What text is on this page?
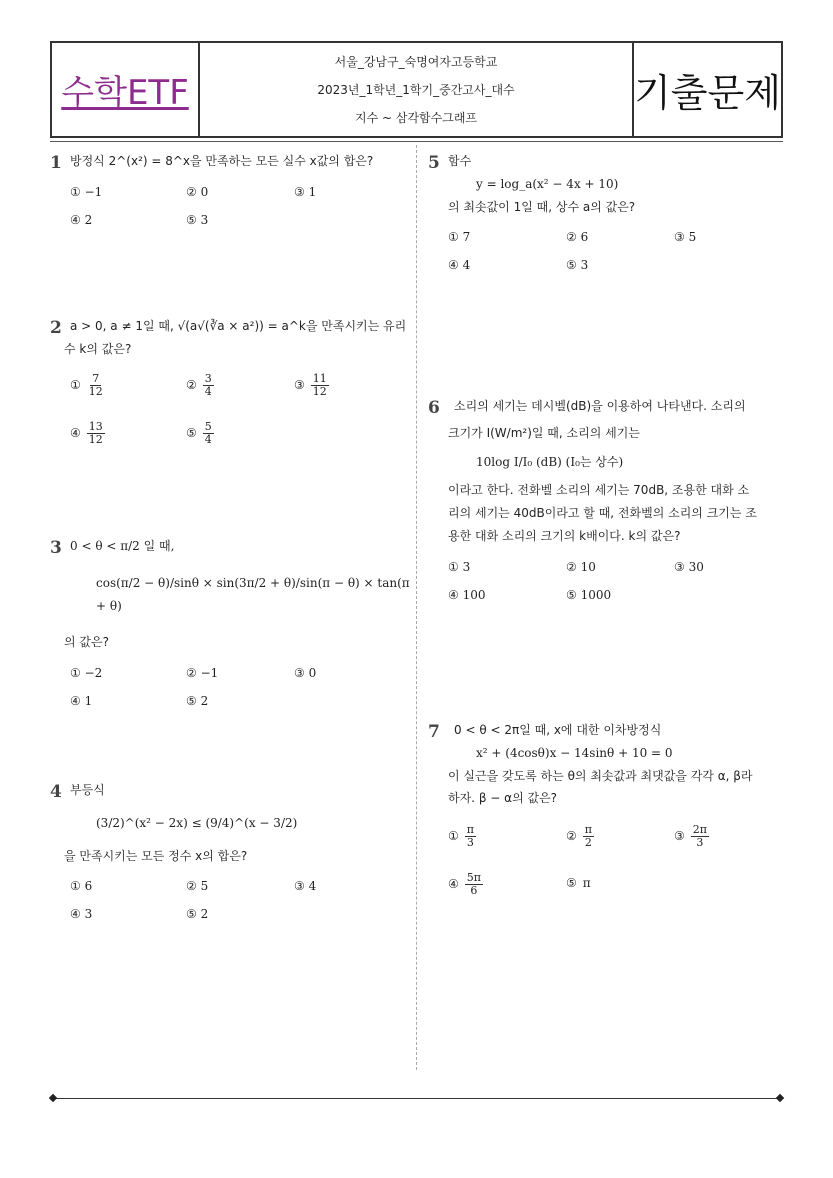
수학ETF
서울_강남구_숙명여자고등학교
2023년_1학년_1학기_중간고사_대수
지수 ~ 삼각함수그래프
기출문제
1 방정식 2^(x²) = 8^x을 만족하는 모든 실수 x값의 합은?
① −1	② 0	③ 1
④ 2	⑤ 3
2 a > 0, a ≠ 1일 때, √(a√(∛a × a²)) = a^k을 만족시키는 유리
수 k의 값은?
① $\frac{7}{12}$	② $\frac{3}{4}$	③ $\frac{11}{12}$
④ $\frac{13}{12}$	⑤ $\frac{5}{4}$
3 0 < θ < π/2 일 때,
cos(π/2 − θ)/sinθ × sin(3π/2 + θ)/sin(π − θ) × tan(π + θ)
의 값은?
① −2	② −1	③ 0
④ 1	⑤ 2
4 부등식
(3/2)^(x² − 2x) ≤ (9/4)^(x − 3/2)
을 만족시키는 모든 정수 x의 합은?
① 6	② 5	③ 4
④ 3	⑤ 2
5 함수
y = log_a(x² − 4x + 10)
의 최솟값이 1일 때, 상수 a의 값은?
① 7	② 6	③ 5
④ 4	⑤ 3
6 소리의 세기는 데시벨(dB)을 이용하여 나타낸다. 소리의
크기가 I(W/m²)일 때, 소리의 세기는
10log I/I₀ (dB) (I₀는 상수)
이라고 한다. 전화벨 소리의 세기는 70dB, 조용한 대화 소
리의 세기는 40dB이라고 할 때, 전화벨의 소리의 크기는 조
용한 대화 소리의 크기의 k배이다. k의 값은?
① 3	② 10	③ 30
④ 100	⑤ 1000
7 0 < θ < 2π일 때, x에 대한 이차방정식
x² + (4cosθ)x − 14sinθ + 10 = 0
이 실근을 갖도록 하는 θ의 최솟값과 최댓값을 각각 α, β라
하자. β − α의 값은?
① $\frac{\pi}{3}$	② $\frac{\pi}{2}$	③ $\frac{2\pi}{3}$
④ $\frac{5\pi}{6}$	⑤ π
